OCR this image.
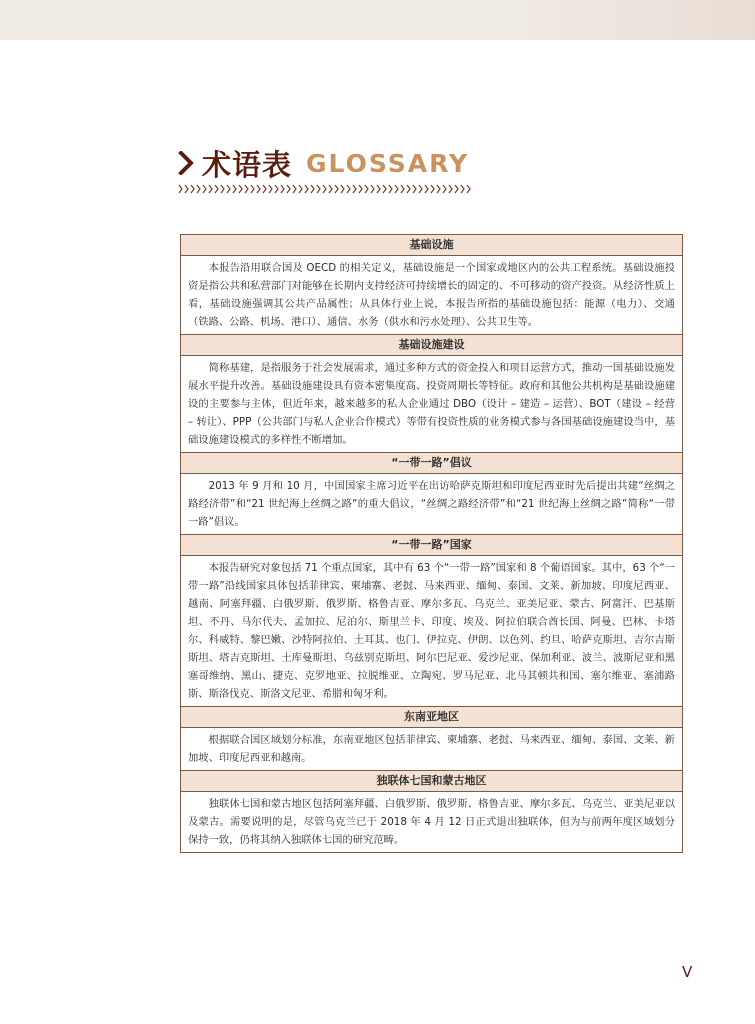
术语表 GLOSSARY
基础设施
本报告沿用联合国及 OECD 的相关定义，基础设施是一个国家或地区内的公共工程系统。基础设施投资是指公共和私营部门对能够在长期内支持经济可持续增长的固定的、不可移动的资产投资。从经济性质上看，基础设施强调其公共产品属性；从具体行业上说，本报告所指的基础设施包括：能源（电力）、交通（铁路、公路、机场、港口）、通信、水务（供水和污水处理）、公共卫生等。
基础设施建设
简称基建，是指服务于社会发展需求，通过多种方式的资金投入和项目运营方式，推动一国基础设施发展水平提升改善。基础设施建设具有资本密集度高、投资周期长等特征。政府和其他公共机构是基础设施建设的主要参与主体，但近年来，越来越多的私人企业通过 DBO（设计 – 建造 – 运营）、BOT（建设 – 经营 – 转让）、PPP（公共部门与私人企业合作模式）等带有投资性质的业务模式参与各国基础设施建设当中，基础设施建设模式的多样性不断增加。
“一带一路”倡议
2013 年 9 月和 10 月，中国国家主席习近平在出访哈萨克斯坦和印度尼西亚时先后提出共建“丝绸之路经济带”和“21 世纪海上丝绸之路”的重大倡议，“丝绸之路经济带”和“21 世纪海上丝绸之路”简称“一带一路”倡议。
“一带一路”国家
本报告研究对象包括 71 个重点国家，其中有 63 个“一带一路”国家和 8 个葡语国家。其中，63 个“一带一路”沿线国家具体包括菲律宾、柬埔寨、老挝、马来西亚、缅甸、泰国、文莱、新加坡、印度尼西亚、越南、阿塞拜疆、白俄罗斯、俄罗斯、格鲁吉亚、摩尔多瓦、乌克兰、亚美尼亚、蒙古、阿富汗、巴基斯坦、不丹、马尔代夫、孟加拉、尼泊尔、斯里兰卡、印度、埃及、阿拉伯联合酋长国、阿曼、巴林、卡塔尔、科威特、黎巴嫩、沙特阿拉伯、土耳其、也门、伊拉克、伊朗、以色列、约旦、哈萨克斯坦、吉尔吉斯斯坦、塔吉克斯坦、土库曼斯坦、乌兹别克斯坦、阿尔巴尼亚、爱沙尼亚、保加利亚、波兰、波斯尼亚和黑塞哥维纳、黑山、捷克、克罗地亚、拉脱维亚、立陶宛、罗马尼亚、北马其顿共和国、塞尔维亚、塞浦路斯、斯洛伐克、斯洛文尼亚、希腊和匈牙利。
东南亚地区
根据联合国区域划分标准，东南亚地区包括菲律宾、柬埔寨、老挝、马来西亚、缅甸、泰国、文莱、新加坡、印度尼西亚和越南。
独联体七国和蒙古地区
独联体七国和蒙古地区包括阿塞拜疆、白俄罗斯、俄罗斯、格鲁吉亚、摩尔多瓦、乌克兰、亚美尼亚以及蒙古。需要说明的是，尽管乌克兰已于 2018 年 4 月 12 日正式退出独联体，但为与前两年度区域划分保持一致，仍将其纳入独联体七国的研究范畴。
V
